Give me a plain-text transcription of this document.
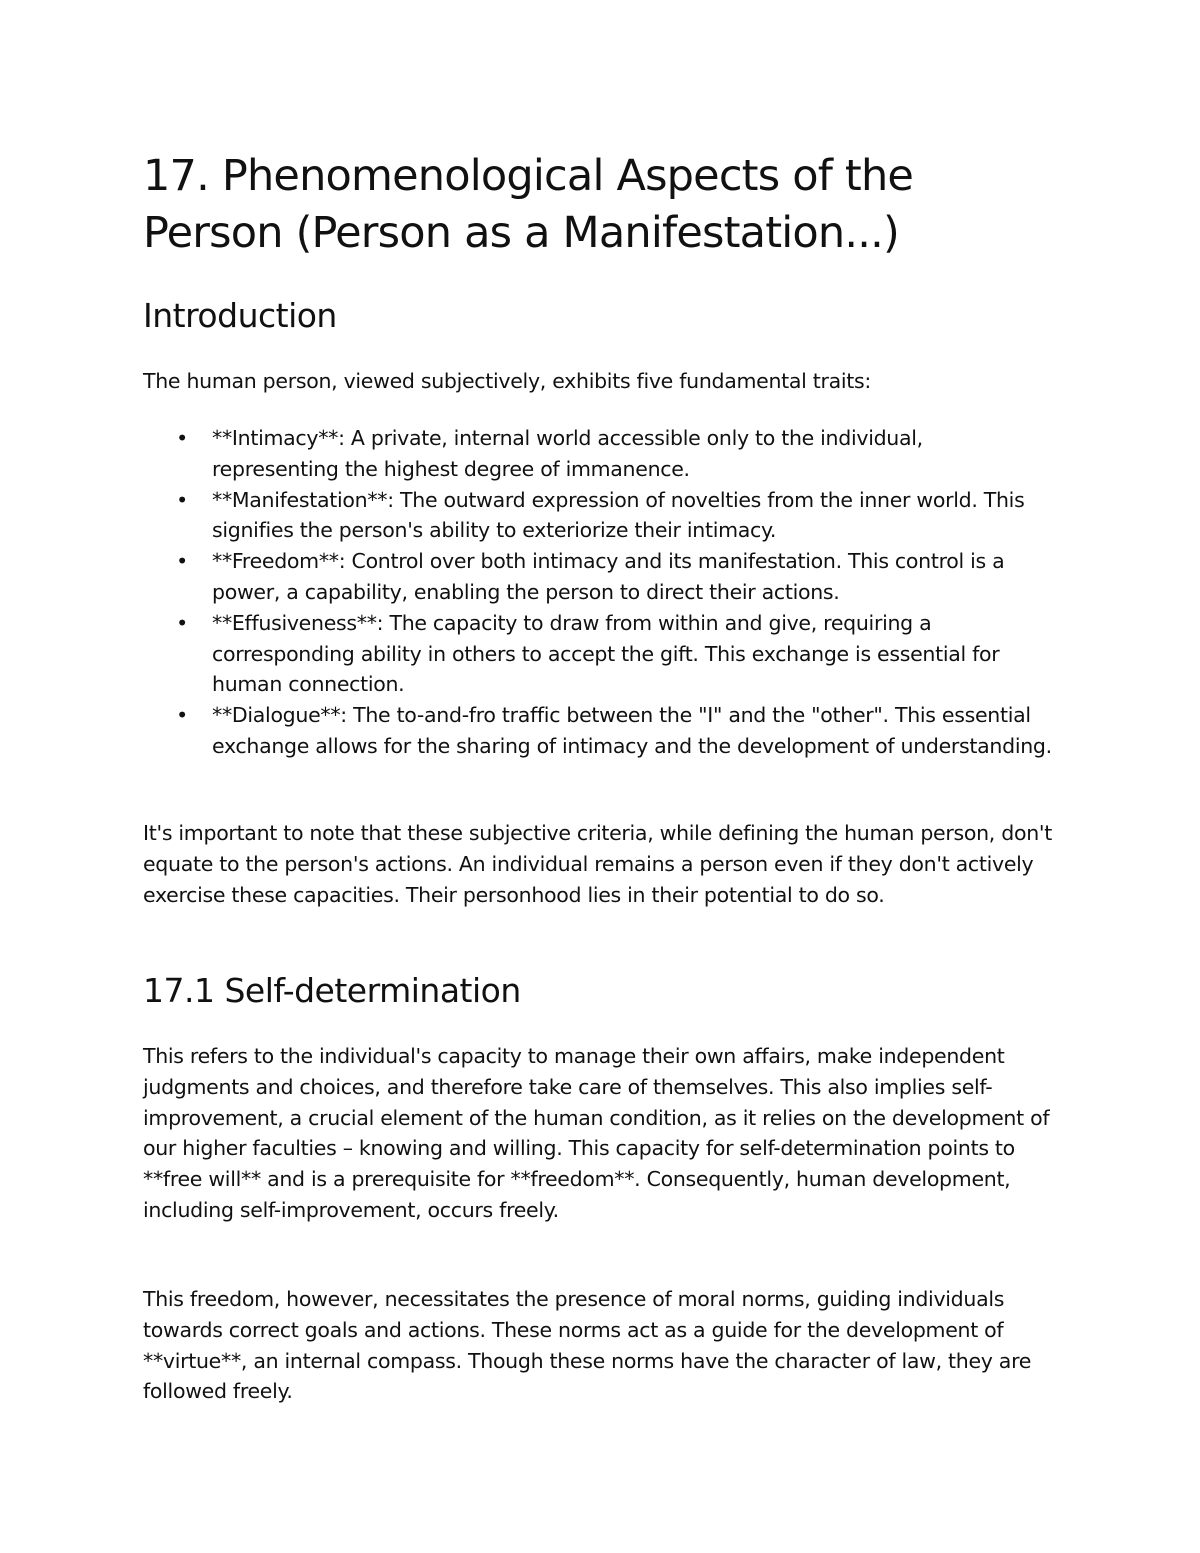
17. Phenomenological Aspects of the Person (Person as a Manifestation...)
Introduction

The human person, viewed subjectively, exhibits five fundamental traits:

• **Intimacy**: A private, internal world accessible only to the individual, representing the highest degree of immanence.
• **Manifestation**: The outward expression of novelties from the inner world. This signifies the person's ability to exteriorize their intimacy.
• **Freedom**: Control over both intimacy and its manifestation. This control is a power, a capability, enabling the person to direct their actions.
• **Effusiveness**: The capacity to draw from within and give, requiring a corresponding ability in others to accept the gift. This exchange is essential for human connection.
• **Dialogue**: The to-and-fro traffic between the "I" and the "other". This essential exchange allows for the sharing of intimacy and the development of understanding.

It's important to note that these subjective criteria, while defining the human person, don't equate to the person's actions. An individual remains a person even if they don't actively exercise these capacities. Their personhood lies in their potential to do so.

17.1 Self-determination

This refers to the individual's capacity to manage their own affairs, make independent judgments and choices, and therefore take care of themselves. This also implies self-improvement, a crucial element of the human condition, as it relies on the development of our higher faculties – knowing and willing. This capacity for self-determination points to **free will** and is a prerequisite for **freedom**. Consequently, human development, including self-improvement, occurs freely.

This freedom, however, necessitates the presence of moral norms, guiding individuals towards correct goals and actions. These norms act as a guide for the development of **virtue**, an internal compass. Though these norms have the character of law, they are followed freely.
